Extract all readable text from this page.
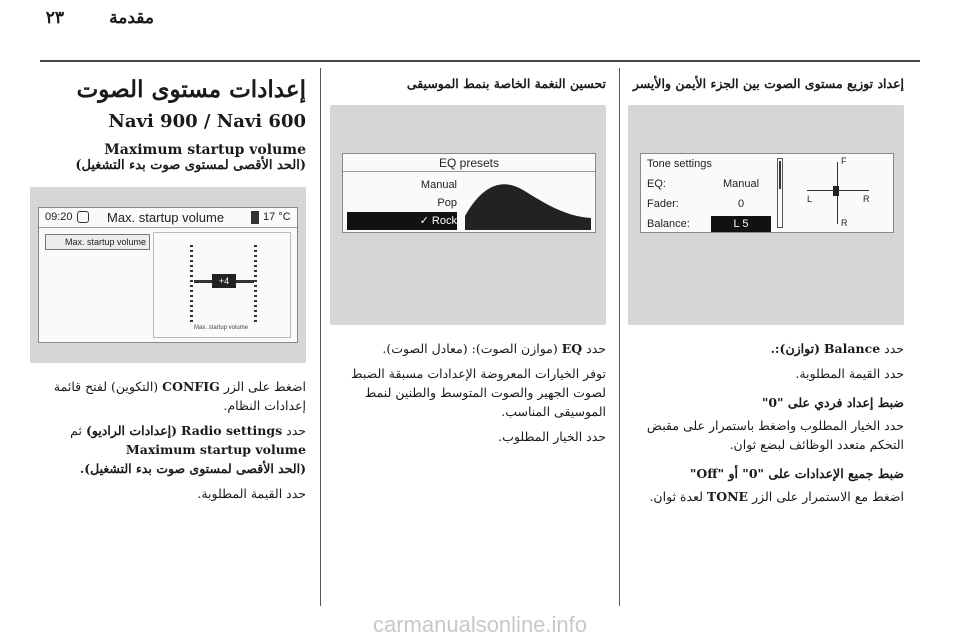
٢٣	مقدمة
إعدادات مستوى الصوت
Navi 900 / Navi 600
Maximum startup volume
(الحد الأقصى لمستوى صوت بدء التشغيل)
09:20	Max. startup volume	17 °C
Max. startup volume
+4
Max. startup volume
اضغط على الزر CONFIG (التكوين) لفتح قائمة إعدادات النظام.
حدد Radio settings (إعدادات الراديو) ثم
Maximum startup volume
(الحد الأقصى لمستوى صوت بدء التشغيل).
حدد القيمة المطلوبة.
تحسين النغمة الخاصة بنمط الموسيقى
EQ presets
Manual
Pop
✓ Rock
حدد EQ (موازن الصوت): (معادل الصوت).
توفر الخيارات المعروضة الإعدادات مسبقة الضبط لصوت الجهير والصوت المتوسط والطنين لنمط الموسيقى المناسب.
حدد الخيار المطلوب.
إعداد توزيع مستوى الصوت بين الجزء الأيمن والأيسر
Tone settings
EQ:	Manual
Fader:	0
Balance:	L 5
F
L	R
R
حدد Balance (توازن):.
حدد القيمة المطلوبة.
ضبط إعداد فردي على "0"
حدد الخيار المطلوب واضغط باستمرار على مقبض التحكم متعدد الوظائف لبضع ثوان.
ضبط جميع الإعدادات على "0" أو "Off"
اضغط مع الاستمرار على الزر TONE لعدة ثوان.
carmanualsonline.info
